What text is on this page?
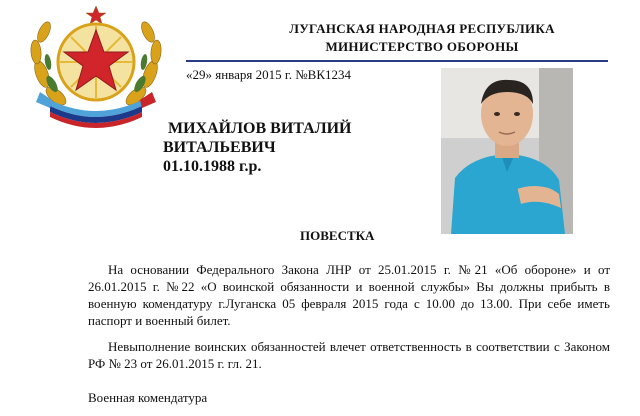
ЛУГАНСКАЯ НАРОДНАЯ РЕСПУБЛИКА
МИНИСТЕРСТВО ОБОРОНЫ
«29» января 2015 г. №ВК1234
МИХАЙЛОВ ВИТАЛИЙ
ВИТАЛЬЕВИЧ
01.10.1988 г.р.
ПОВЕСТКА

На основании Федерального Закона ЛНР от 25.01.2015 г. №21 «Об обороне» и от 26.01.2015 г. №22 «О воинской обязанности и военной службы» Вы должны прибыть в военную комендатуру г.Луганска 05 февраля 2015 года с 10.00 до 13.00. При себе иметь паспорт и военный билет.

Невыполнение воинских обязанностей влечет ответственность в соответствии с Законом РФ № 23 от 26.01.2015 г. гл. 21.

Военная комендатура
